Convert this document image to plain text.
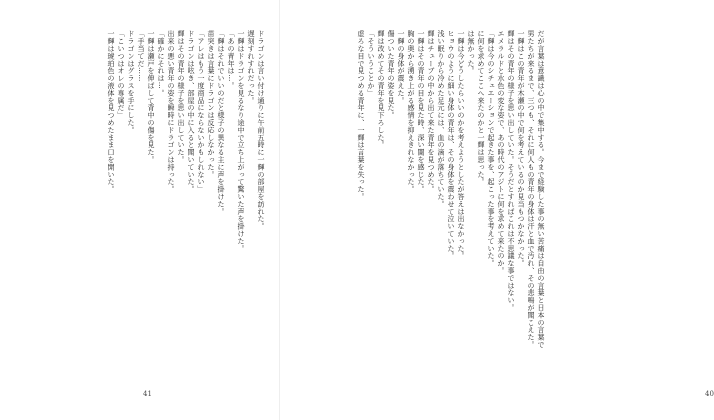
ドラゴンは言い付け通りに午前五時に一輝の部屋を訪れた。
遅刻すれすれだった。
一輝はドラゴンを見るなり途中で立ち上がって驚いた声を掛けた。
「あの青年は…。
「輝はそれでいいのだと様子の異なる主に声を掛けた。
苗突きは言葉にドラゴンは反応しなかった。
「アレはもう一度商品にならないかもしれない」
ドラゴンは呟き、部屋の中に入ると聞いていた。
輝はその青年の様子を思い出していた。
出来の悪い青年の姿を瞬時にドラゴンは持った。
「確かにそれは…。
一輝は瀬戸を伸ばして背中の傷を見た。
「手当てだ……
ドラゴンはグラスを手にした。
「こいつはオレの専属だ」
一輝は琥珀色の液体を見つめたまま口を開いた。
41
だが言葉は意識は心の中で集中する。今まで経験した事の無い苦痛は自由の言葉と日本の言葉で
男たちが来るまで、三つも、それに何人もの青年の身体は汗と血で汚れ、その悲鳴が聞こえた。
一輝はこの青年が木瀬の中で何を考えているのか見当もつかなかった。
輝はその青年の様子を思い出していた。そうだとすればこれは不思議な事ではない。
エメラルドと水色の変な姿で、あの時代のアジトに何を求めて来たのか。
「輝は今のシチュエーションで起きた事を、起こった事を考えていた。
に何を求めてここへ来たのかと一輝は思った。
は無かった。
一輝は今どうしたらいいのかを考えようとしたが答えは出なかった。
ヒョウのように細い身体の青年は、その身体を震わせて泣いていた。
浅い眠りから冷めた足元には、血の滴が落ちていた。
輝はチューブの中から出て来た青年を見つめた。
一輝はその青年の目を見た時、深い闇を感じた。
胸の奥から湧き上がる感情を抑えきれなかった。
一輝の身体が震えた。
傷ついた青年の姿を見た。
輝は改めてその青年を見下ろした。
「そういうことか」
虚ろな目で見つめる青年に、一輝は言葉を失った。
40
